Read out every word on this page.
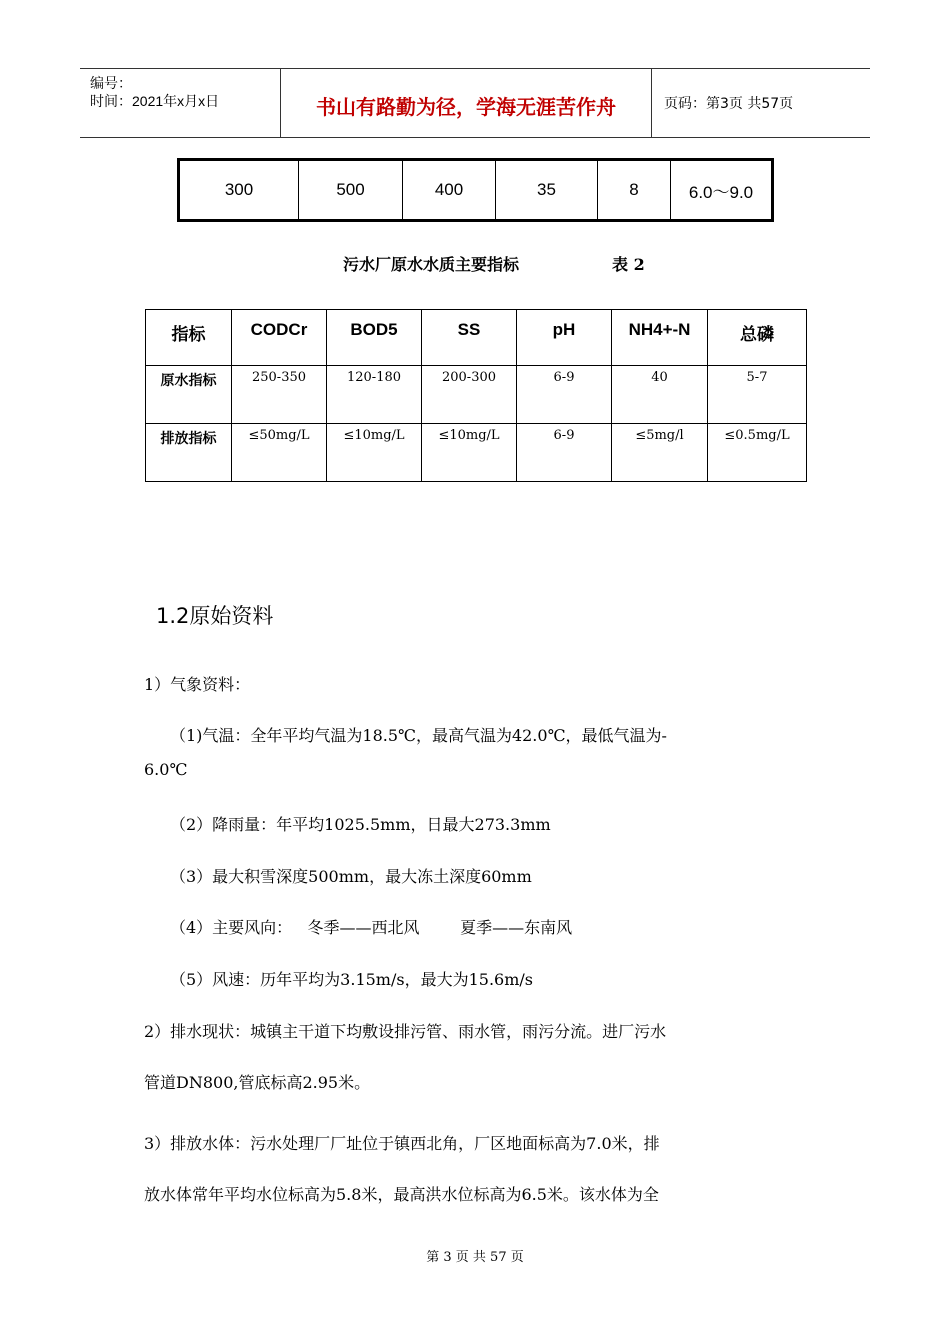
编号：
时间：2021年x月x日	书山有路勤为径，学海无涯苦作舟	页码：第3页 共57页
300	500	400	35	8	6.0～9.0
污水厂原水水质主要指标	表 2
指标	CODCr	BOD5	SS	pH	NH4+-N	总磷
原水指标	250-350	120-180	200-300	6-9	40	5-7
排放指标	≤50mg/L	≤10mg/L	≤10mg/L	6-9	≤5mg/l	≤0.5mg/L
1.2原始资料
1）气象资料：
（1)气温：全年平均气温为18.5℃，最高气温为42.0℃，最低气温为-
6.0℃
（2）降雨量：年平均1025.5mm，日最大273.3mm
（3）最大积雪深度500mm，最大冻土深度60mm
（4）主要风向：   冬季——西北风        夏季——东南风
（5）风速：历年平均为3.15m/s，最大为15.6m/s
2）排水现状：城镇主干道下均敷设排污管、雨水管，雨污分流。进厂污水
管道DN800,管底标高2.95米。
3）排放水体：污水处理厂厂址位于镇西北角，厂区地面标高为7.0米，排
放水体常年平均水位标高为5.8米，最高洪水位标高为6.5米。该水体为全
第 3 页 共 57 页
